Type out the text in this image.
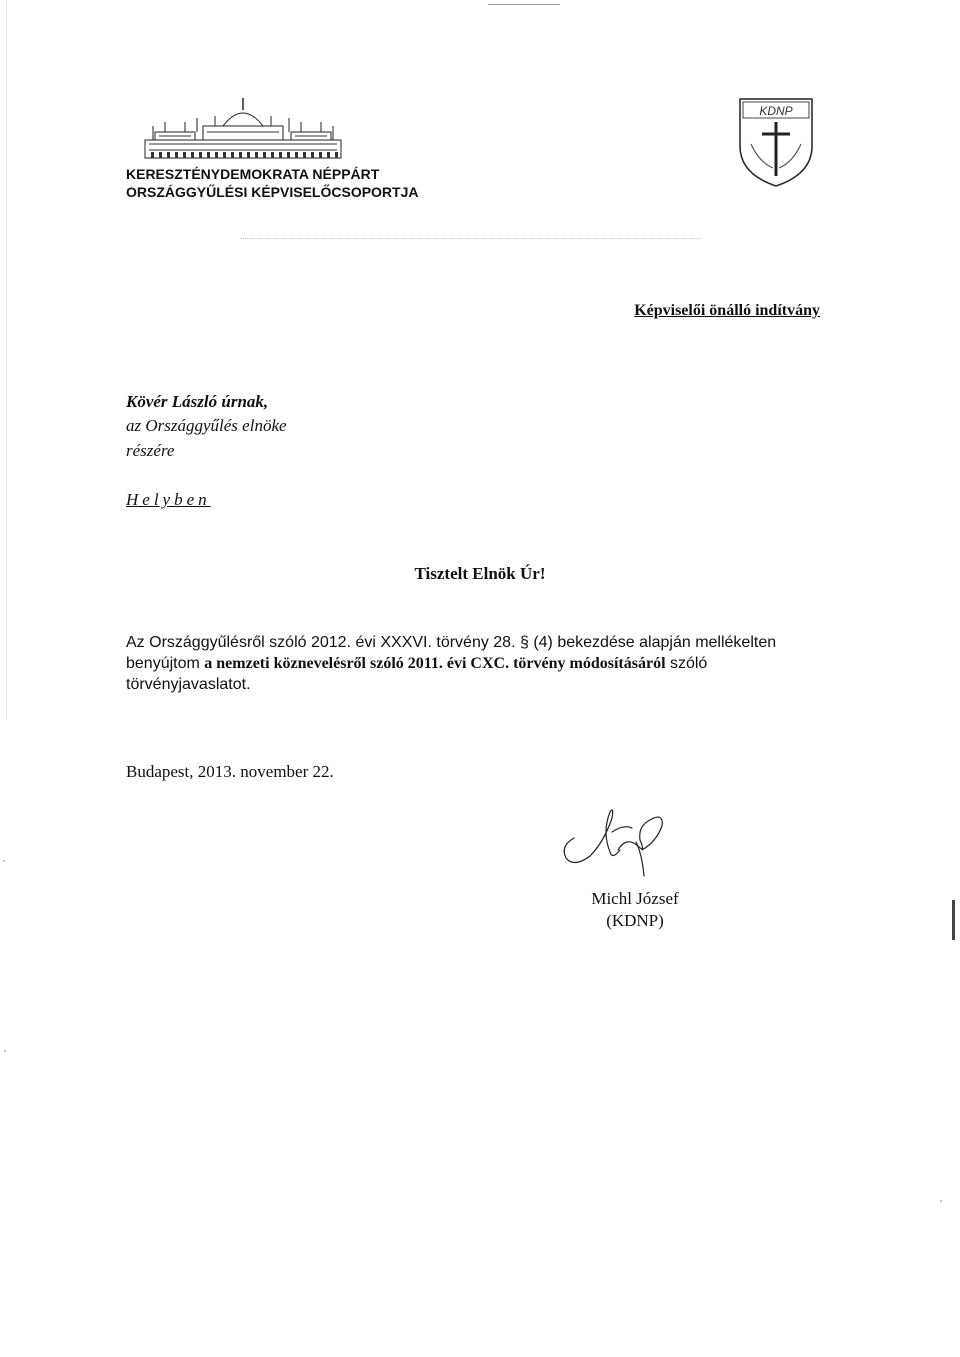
KERESZTÉNYDEMOKRATA NÉPPÁRT
ORSZÁGGYŰLÉSI KÉPVISELŐCSOPORTJA
KDNP
Képviselői önálló indítvány
Kövér László úrnak,
az Országgyűlés elnöke
részére
Helyben
Tisztelt Elnök Úr!
Az Országgyűlésről szóló 2012. évi XXXVI. törvény 28. § (4) bekezdése alapján mellékelten benyújtom a nemzeti köznevelésről szóló 2011. évi CXC. törvény módosításáról szóló törvényjavaslatot.
Budapest, 2013. november 22.
Michl József
(KDNP)
